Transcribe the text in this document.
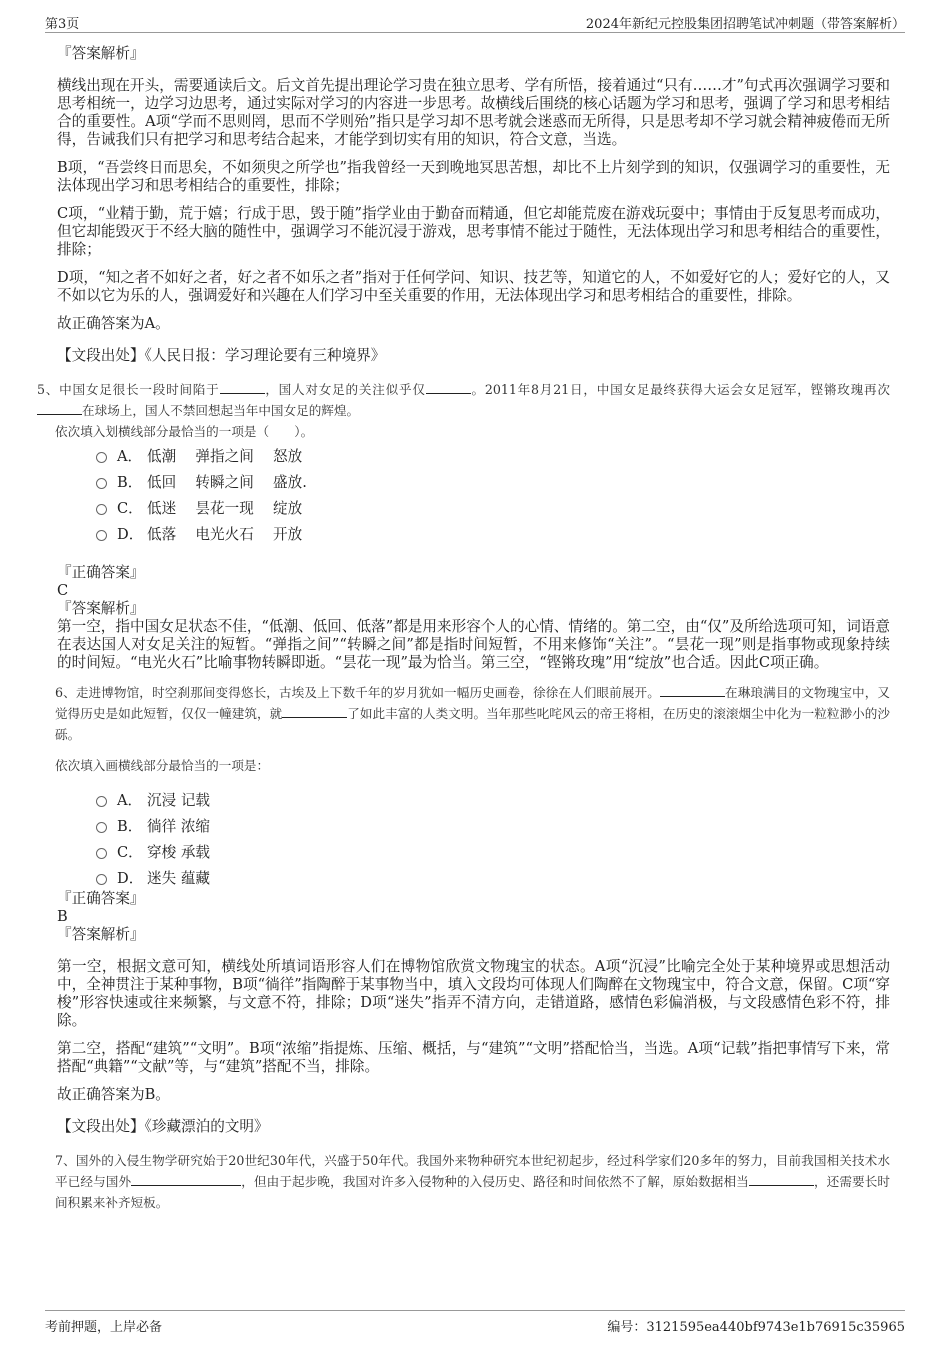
第3页	2024年新纪元控股集团招聘笔试冲刺题（带答案解析）

『答案解析』

横线出现在开头，需要通读后文。后文首先提出理论学习贵在独立思考、学有所悟，接着通过“只有……才”句式再次强调学习要和思考相统一，边学习边思考，通过实际对学习的内容进一步思考。故横线后围绕的核心话题为学习和思考，强调了学习和思考相结合的重要性。A项“学而不思则罔，思而不学则殆”指只是学习却不思考就会迷惑而无所得，只是思考却不学习就会精神疲倦而无所得，告诫我们只有把学习和思考结合起来，才能学到切实有用的知识，符合文意，当选。

B项，“吾尝终日而思矣，不如须臾之所学也”指我曾经一天到晚地冥思苦想，却比不上片刻学到的知识，仅强调学习的重要性，无法体现出学习和思考相结合的重要性，排除；

C项，“业精于勤，荒于嬉；行成于思，毁于随”指学业由于勤奋而精通，但它却能荒废在游戏玩耍中；事情由于反复思考而成功，但它却能毁灭于不经大脑的随性中，强调学习不能沉浸于游戏，思考事情不能过于随性，无法体现出学习和思考相结合的重要性，排除；

D项，“知之者不如好之者，好之者不如乐之者”指对于任何学问、知识、技艺等，知道它的人，不如爱好它的人；爱好它的人，又不如以它为乐的人，强调爱好和兴趣在人们学习中至关重要的作用，无法体现出学习和思考相结合的重要性，排除。

故正确答案为A。

【文段出处】《人民日报：学习理论要有三种境界》

5、中国女足很长一段时间陷于	，国人对女足的关注似乎仅	。2011年8月21日，中国女足最终获得大运会女足冠军，铿锵玫瑰再次在球场上，国人不禁回想起当年中国女足的辉煌。

依次填入划横线部分最恰当的一项是（　　）。

A． 低潮　 弹指之间　 怒放
B． 低回　 转瞬之间　 盛放.
C． 低迷　 昙花一现　 绽放
D． 低落　 电光火石　 开放

『正确答案』

C

『答案解析』

第一空，指中国女足状态不佳，“低潮、低回、低落”都是用来形容个人的心情、情绪的。第二空，由“仅”及所给选项可知，词语意在表达国人对女足关注的短暂。“弹指之间”“转瞬之间”都是指时间短暂，不用来修饰“关注”。“昙花一现”则是指事物或现象持续的时间短。“电光火石”比喻事物转瞬即逝。“昙花一现”最为恰当。第三空，“铿锵玫瑰”用“绽放”也合适。因此C项正确。

6、走进博物馆，时空刹那间变得悠长，古埃及上下数千年的岁月犹如一幅历史画卷，徐徐在人们眼前展开。	在琳琅满目的文物瑰宝中，又觉得历史是如此短暂，仅仅一幢建筑，就	了如此丰富的人类文明。当年那些叱咤风云的帝王将相，在历史的滚滚烟尘中化为一粒粒渺小的沙砾。

依次填入画横线部分最恰当的一项是：

A． 沉浸 记载
B． 徜徉 浓缩
C． 穿梭 承载
D． 迷失 蕴藏

『正确答案』

B

『答案解析』

第一空，根据文意可知，横线处所填词语形容人们在博物馆欣赏文物瑰宝的状态。A项“沉浸”比喻完全处于某种境界或思想活动中，全神贯注于某种事物，B项“徜徉”指陶醉于某事物当中，填入文段均可体现人们陶醉在文物瑰宝中，符合文意，保留。C项“穿梭”形容快速或往来频繁，与文意不符，排除；D项“迷失”指弄不清方向，走错道路，感情色彩偏消极，与文段感情色彩不符，排除。

第二空，搭配“建筑”“文明”。B项“浓缩”指提炼、压缩、概括，与“建筑”“文明”搭配恰当，当选。A项“记载”指把事情写下来，常搭配“典籍”“文献”等，与“建筑”搭配不当，排除。

故正确答案为B。

【文段出处】《珍藏漂泊的文明》

7、国外的入侵生物学研究始于20世纪30年代，兴盛于50年代。我国外来物种研究本世纪初起步，经过科学家们20多年的努力，目前我国相关技术水平已经与国外	，但由于起步晚，我国对许多入侵物种的入侵历史、路径和时间依然不了解，原始数据相当	，还需要长时间积累来补齐短板。

考前押题，上岸必备	编号：3121595ea440bf9743e1b76915c35965
